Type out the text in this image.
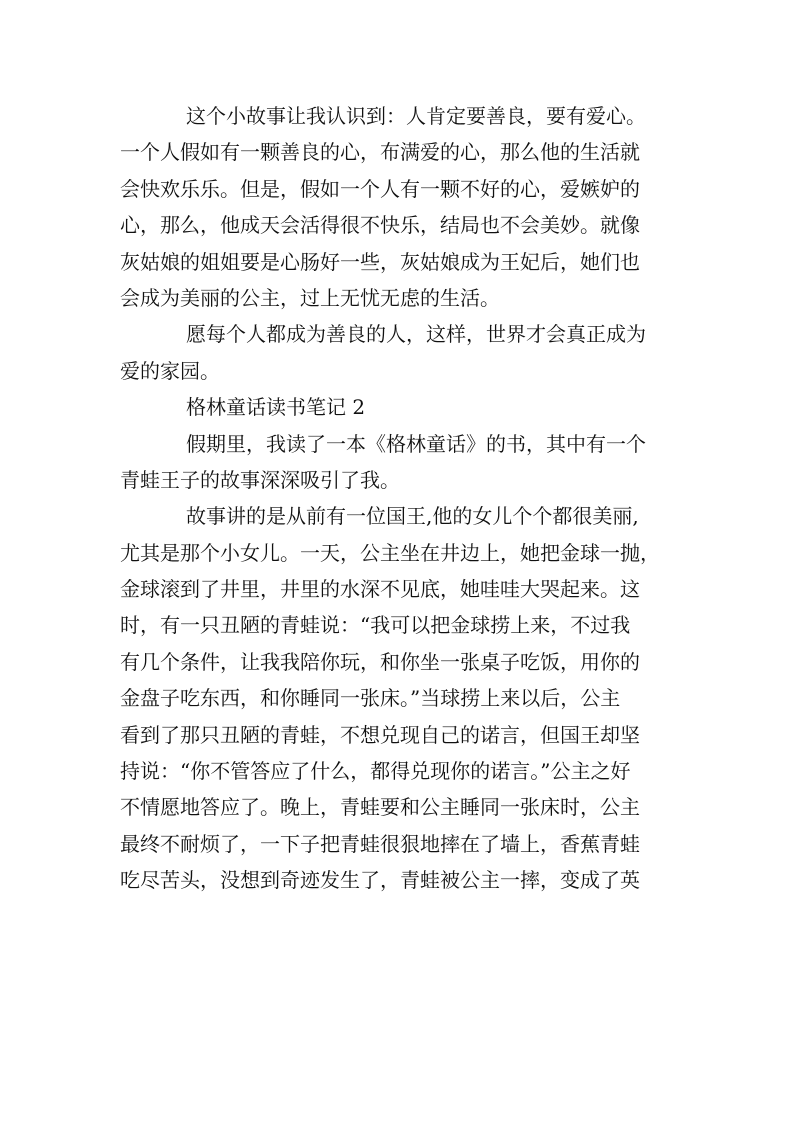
这个小故事让我认识到：人肯定要善良，要有爱心。
一个人假如有一颗善良的心，布满爱的心，那么他的生活就
会快欢乐乐。但是，假如一个人有一颗不好的心，爱嫉妒的
心，那么，他成天会活得很不快乐，结局也不会美妙。就像
灰姑娘的姐姐要是心肠好一些，灰姑娘成为王妃后，她们也
会成为美丽的公主，过上无忧无虑的生活。
愿每个人都成为善良的人，这样，世界才会真正成为
爱的家园。
格林童话读书笔记 2
假期里，我读了一本《格林童话》的书，其中有一个
青蛙王子的故事深深吸引了我。
故事讲的是从前有一位国王,他的女儿个个都很美丽,
尤其是那个小女儿。一天，公主坐在井边上，她把金球一抛，
金球滚到了井里，井里的水深不见底，她哇哇大哭起来。这
时，有一只丑陋的青蛙说：“我可以把金球捞上来，不过我
有几个条件，让我我陪你玩，和你坐一张桌子吃饭，用你的
金盘子吃东西，和你睡同一张床。”当球捞上来以后，公主
看到了那只丑陋的青蛙，不想兑现自己的诺言，但国王却坚
持说：“你不管答应了什么，都得兑现你的诺言。”公主之好
不情愿地答应了。晚上，青蛙要和公主睡同一张床时，公主
最终不耐烦了，一下子把青蛙很狠地摔在了墙上，香蕉青蛙
吃尽苦头，没想到奇迹发生了，青蛙被公主一摔，变成了英
